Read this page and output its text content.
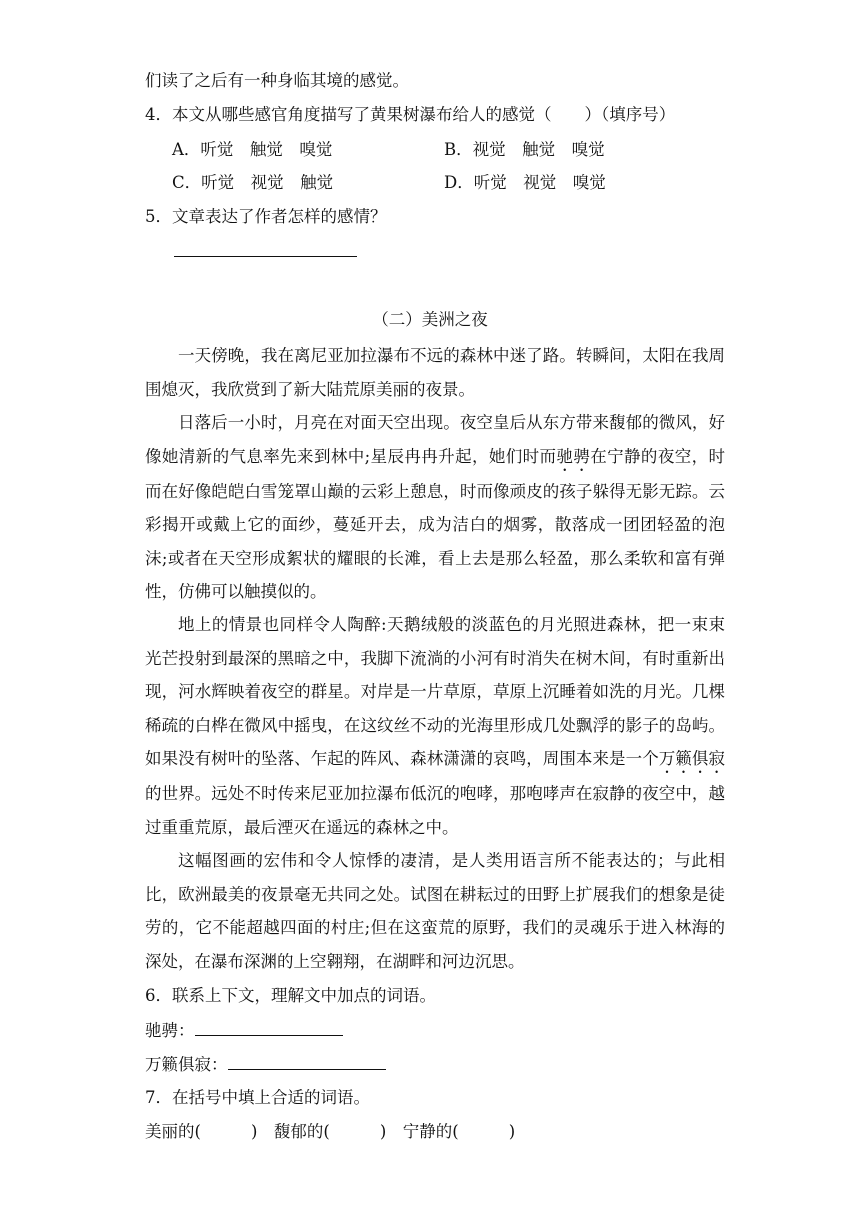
们读了之后有一种身临其境的感觉。
4．本文从哪些感官角度描写了黄果树瀑布给人的感觉（　　）（填序号）
A．听觉　触觉　嗅觉	B．视觉　触觉　嗅觉
C．听觉　视觉　触觉	D．听觉　视觉　嗅觉
5．文章表达了作者怎样的感情？
（二）美洲之夜
一天傍晚，我在离尼亚加拉瀑布不远的森林中迷了路。转瞬间，太阳在我周围熄灭，我欣赏到了新大陆荒原美丽的夜景。
日落后一小时，月亮在对面天空出现。夜空皇后从东方带来馥郁的微风，好像她清新的气息率先来到林中;星辰冉冉升起，她们时而驰骋在宁静的夜空，时而在好像皑皑白雪笼罩山巅的云彩上憩息，时而像顽皮的孩子躲得无影无踪。云彩揭开或戴上它的面纱，蔓延开去，成为洁白的烟雾，散落成一团团轻盈的泡沫;或者在天空形成絮状的耀眼的长滩，看上去是那么轻盈，那么柔软和富有弹性，仿佛可以触摸似的。
地上的情景也同样令人陶醉:天鹅绒般的淡蓝色的月光照进森林，把一束束光芒投射到最深的黑暗之中，我脚下流淌的小河有时消失在树木间，有时重新出现，河水辉映着夜空的群星。对岸是一片草原，草原上沉睡着如洗的月光。几棵稀疏的白桦在微风中摇曳，在这纹丝不动的光海里形成几处飘浮的影子的岛屿。如果没有树叶的坠落、乍起的阵风、森林潇潇的哀鸣，周围本来是一个万籁俱寂的世界。远处不时传来尼亚加拉瀑布低沉的咆哮，那咆哮声在寂静的夜空中，越过重重荒原，最后湮灭在遥远的森林之中。
这幅图画的宏伟和令人惊悸的凄清，是人类用语言所不能表达的；与此相比，欧洲最美的夜景毫无共同之处。试图在耕耘过的田野上扩展我们的想象是徒劳的，它不能超越四面的村庄;但在这蛮荒的原野，我们的灵魂乐于进入林海的深处，在瀑布深渊的上空翱翔，在湖畔和河边沉思。
6．联系上下文，理解文中加点的词语。
驰骋：
万籁俱寂：
7．在括号中填上合适的词语。
美丽的(	)　 馥郁的(	)　 宁静的(	)
